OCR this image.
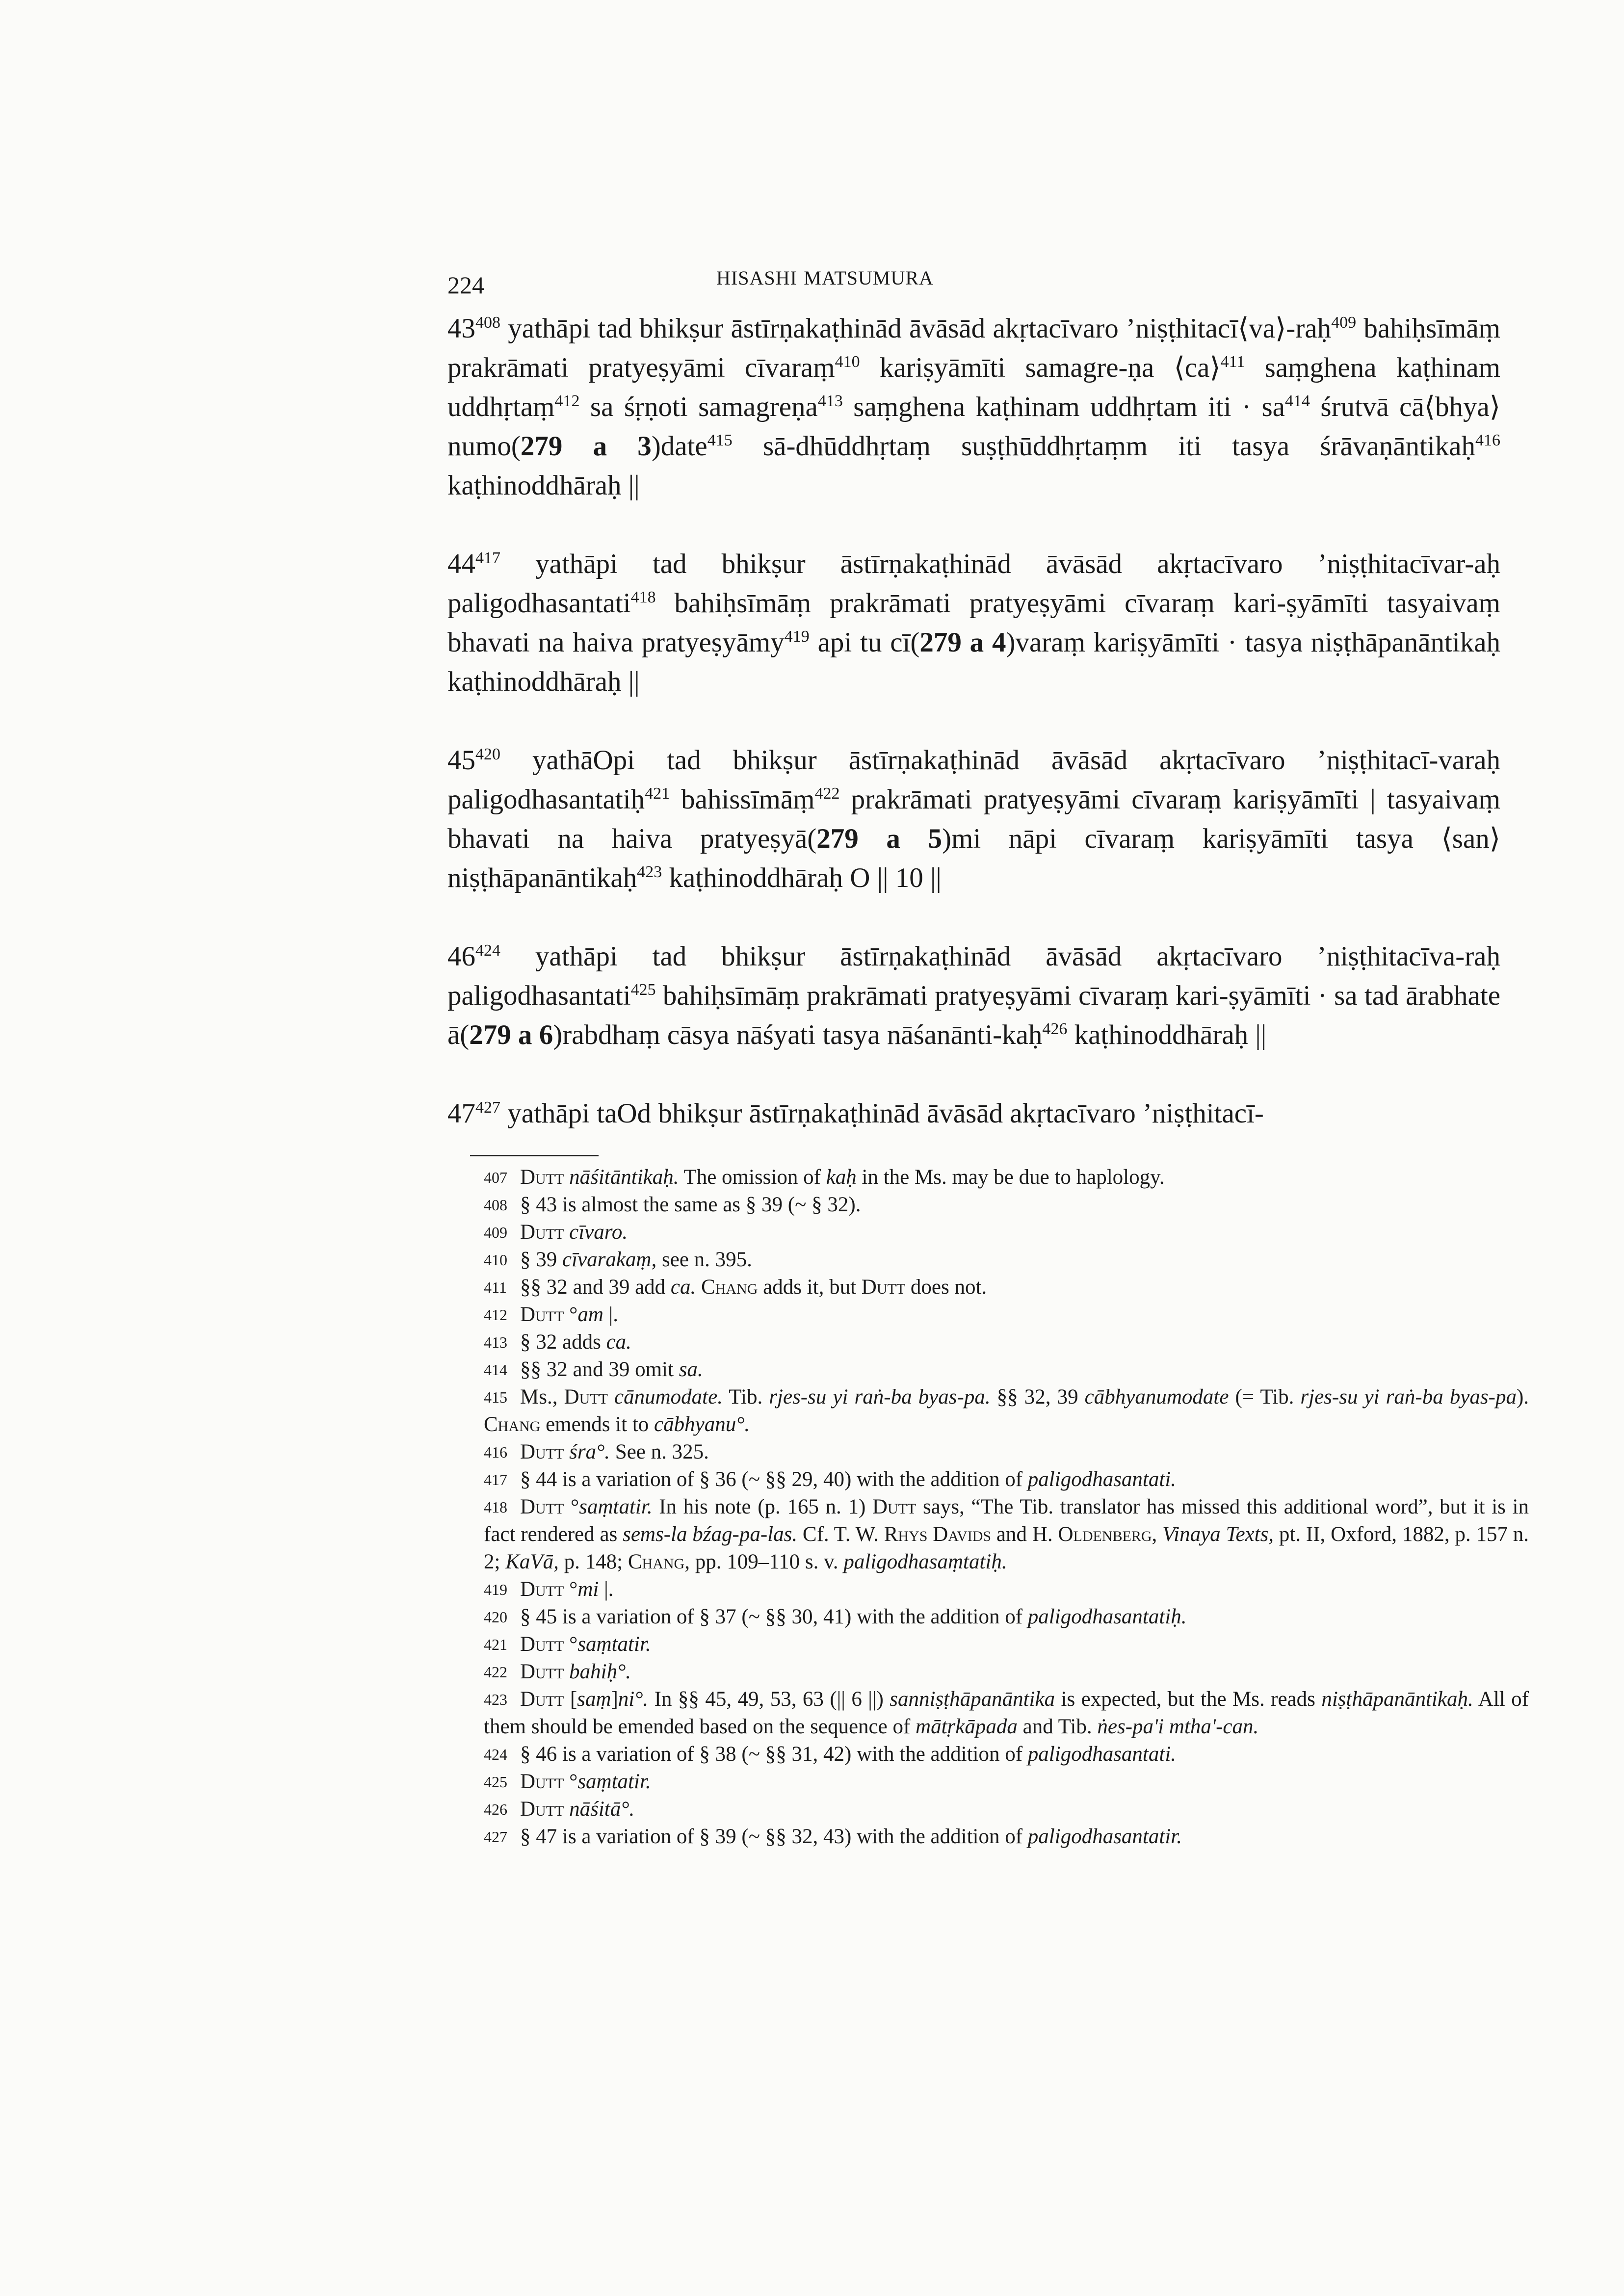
224	HISASHI MATSUMURA

$43^{408}$ yathāpi tad bhikṣur āstīrṇakaṭhinād āvāsād akṛtacīvaro ’niṣṭhitacī⟨va⟩-raḥ$^{409}$ bahiḥsīmāṃ prakrāmati pratyeṣyāmi cīvaraṃ$^{410}$ kariṣyāmīti samagre-ṇa ⟨ca⟩$^{411}$ saṃghena kaṭhinam uddhṛtaṃ$^{412}$ sa śṛṇoti samagreṇa$^{413}$ saṃghena kaṭhinam uddhṛtam iti · $sa^{414}$ śrutvā cā⟨bhya⟩numo(279 a 3)date$^{415}$ sā-dhūddhṛtaṃ suṣṭhūddhṛtaṃm iti tasya śrāvaṇāntikaḥ$^{416}$ kaṭhinoddhāraḥ ||

$44^{417}$ yathāpi tad bhikṣur āstīrṇakaṭhinād āvāsād akṛtacīvaro ’niṣṭhitacīvar-aḥ paligodhasantati$^{418}$ bahiḥsīmāṃ prakrāmati pratyeṣyāmi cīvaraṃ kari-ṣyāmīti tasyaivaṃ bhavati na haiva pratyeṣyāmy$^{419}$ api tu cī(279 a 4)varaṃ kariṣyāmīti · tasya niṣṭhāpanāntikaḥ kaṭhinoddhāraḥ ||

$45^{420}$ yathāOpi tad bhikṣur āstīrṇakaṭhinād āvāsād akṛtacīvaro ’niṣṭhitacī-varaḥ paligodhasantatiḥ$^{421}$ bahissīmāṃ$^{422}$ prakrāmati pratyeṣyāmi cīvaraṃ kariṣyāmīti | tasyaivaṃ bhavati na haiva pratyeṣyā(279 a 5)mi nāpi cīvaraṃ kariṣyāmīti tasya ⟨san⟩niṣṭhāpanāntikaḥ$^{423}$ kaṭhinoddhāraḥ O || 10 ||

$46^{424}$ yathāpi tad bhikṣur āstīrṇakaṭhinād āvāsād akṛtacīvaro ’niṣṭhitacīva-raḥ paligodhasantati$^{425}$ bahiḥsīmāṃ prakrāmati pratyeṣyāmi cīvaraṃ kari-ṣyāmīti · sa tad ārabhate ā(279 a 6)rabdhaṃ cāsya nāśyati tasya nāśanānti-kaḥ$^{426}$ kaṭhinoddhāraḥ ||

$47^{427}$ yathāpi taOd bhikṣur āstīrṇakaṭhinād āvāsād akṛtacīvaro ’niṣṭhitacī-

407 Dutt nāśitāntikaḥ. The omission of kaḥ in the Ms. may be due to haplology.

408 § 43 is almost the same as § 39 (~ § 32).

409 Dutt cīvaro.

410 § 39 cīvarakaṃ, see n. 395.

411 §§ 32 and 39 add ca. Chang adds it, but Dutt does not.

412 Dutt °am |.

413 § 32 adds ca.

414 §§ 32 and 39 omit sa.

415 Ms., Dutt cānumodate. Tib. rjes-su yi raṅ-ba byas-pa. §§ 32, 39 cābhyanumodate (= Tib. rjes-su yi raṅ-ba byas-pa). Chang emends it to cābhyanu°.

416 Dutt śra°. See n. 325.

417 § 44 is a variation of § 36 (~ §§ 29, 40) with the addition of paligodhasantati.

418 Dutt °saṃtatir. In his note (p. 165 n. 1) Dutt says, “The Tib. translator has missed this additional word”, but it is in fact rendered as sems-la bźag-pa-las. Cf. T. W. Rhys Davids and H. Oldenberg, Vinaya Texts, pt. II, Oxford, 1882, p. 157 n. 2; KaVā, p. 148; Chang, pp. 109–110 s. v. paligodhasaṃtatiḥ.

419 Dutt °mi |.

420 § 45 is a variation of § 37 (~ §§ 30, 41) with the addition of paligodhasantatiḥ.

421 Dutt °saṃtatir.

422 Dutt bahiḥ°.

423 Dutt [saṃ]ni°. In §§ 45, 49, 53, 63 (|| 6 ||) sanniṣṭhāpanāntika is expected, but the Ms. reads niṣṭhāpanāntikaḥ. All of them should be emended based on the sequence of mātṛkāpada and Tib. ṅes-pa'i mtha'-can.

424 § 46 is a variation of § 38 (~ §§ 31, 42) with the addition of paligodhasantati.

425 Dutt °saṃtatir.

426 Dutt nāśitā°.

427 § 47 is a variation of § 39 (~ §§ 32, 43) with the addition of paligodhasantatir.
